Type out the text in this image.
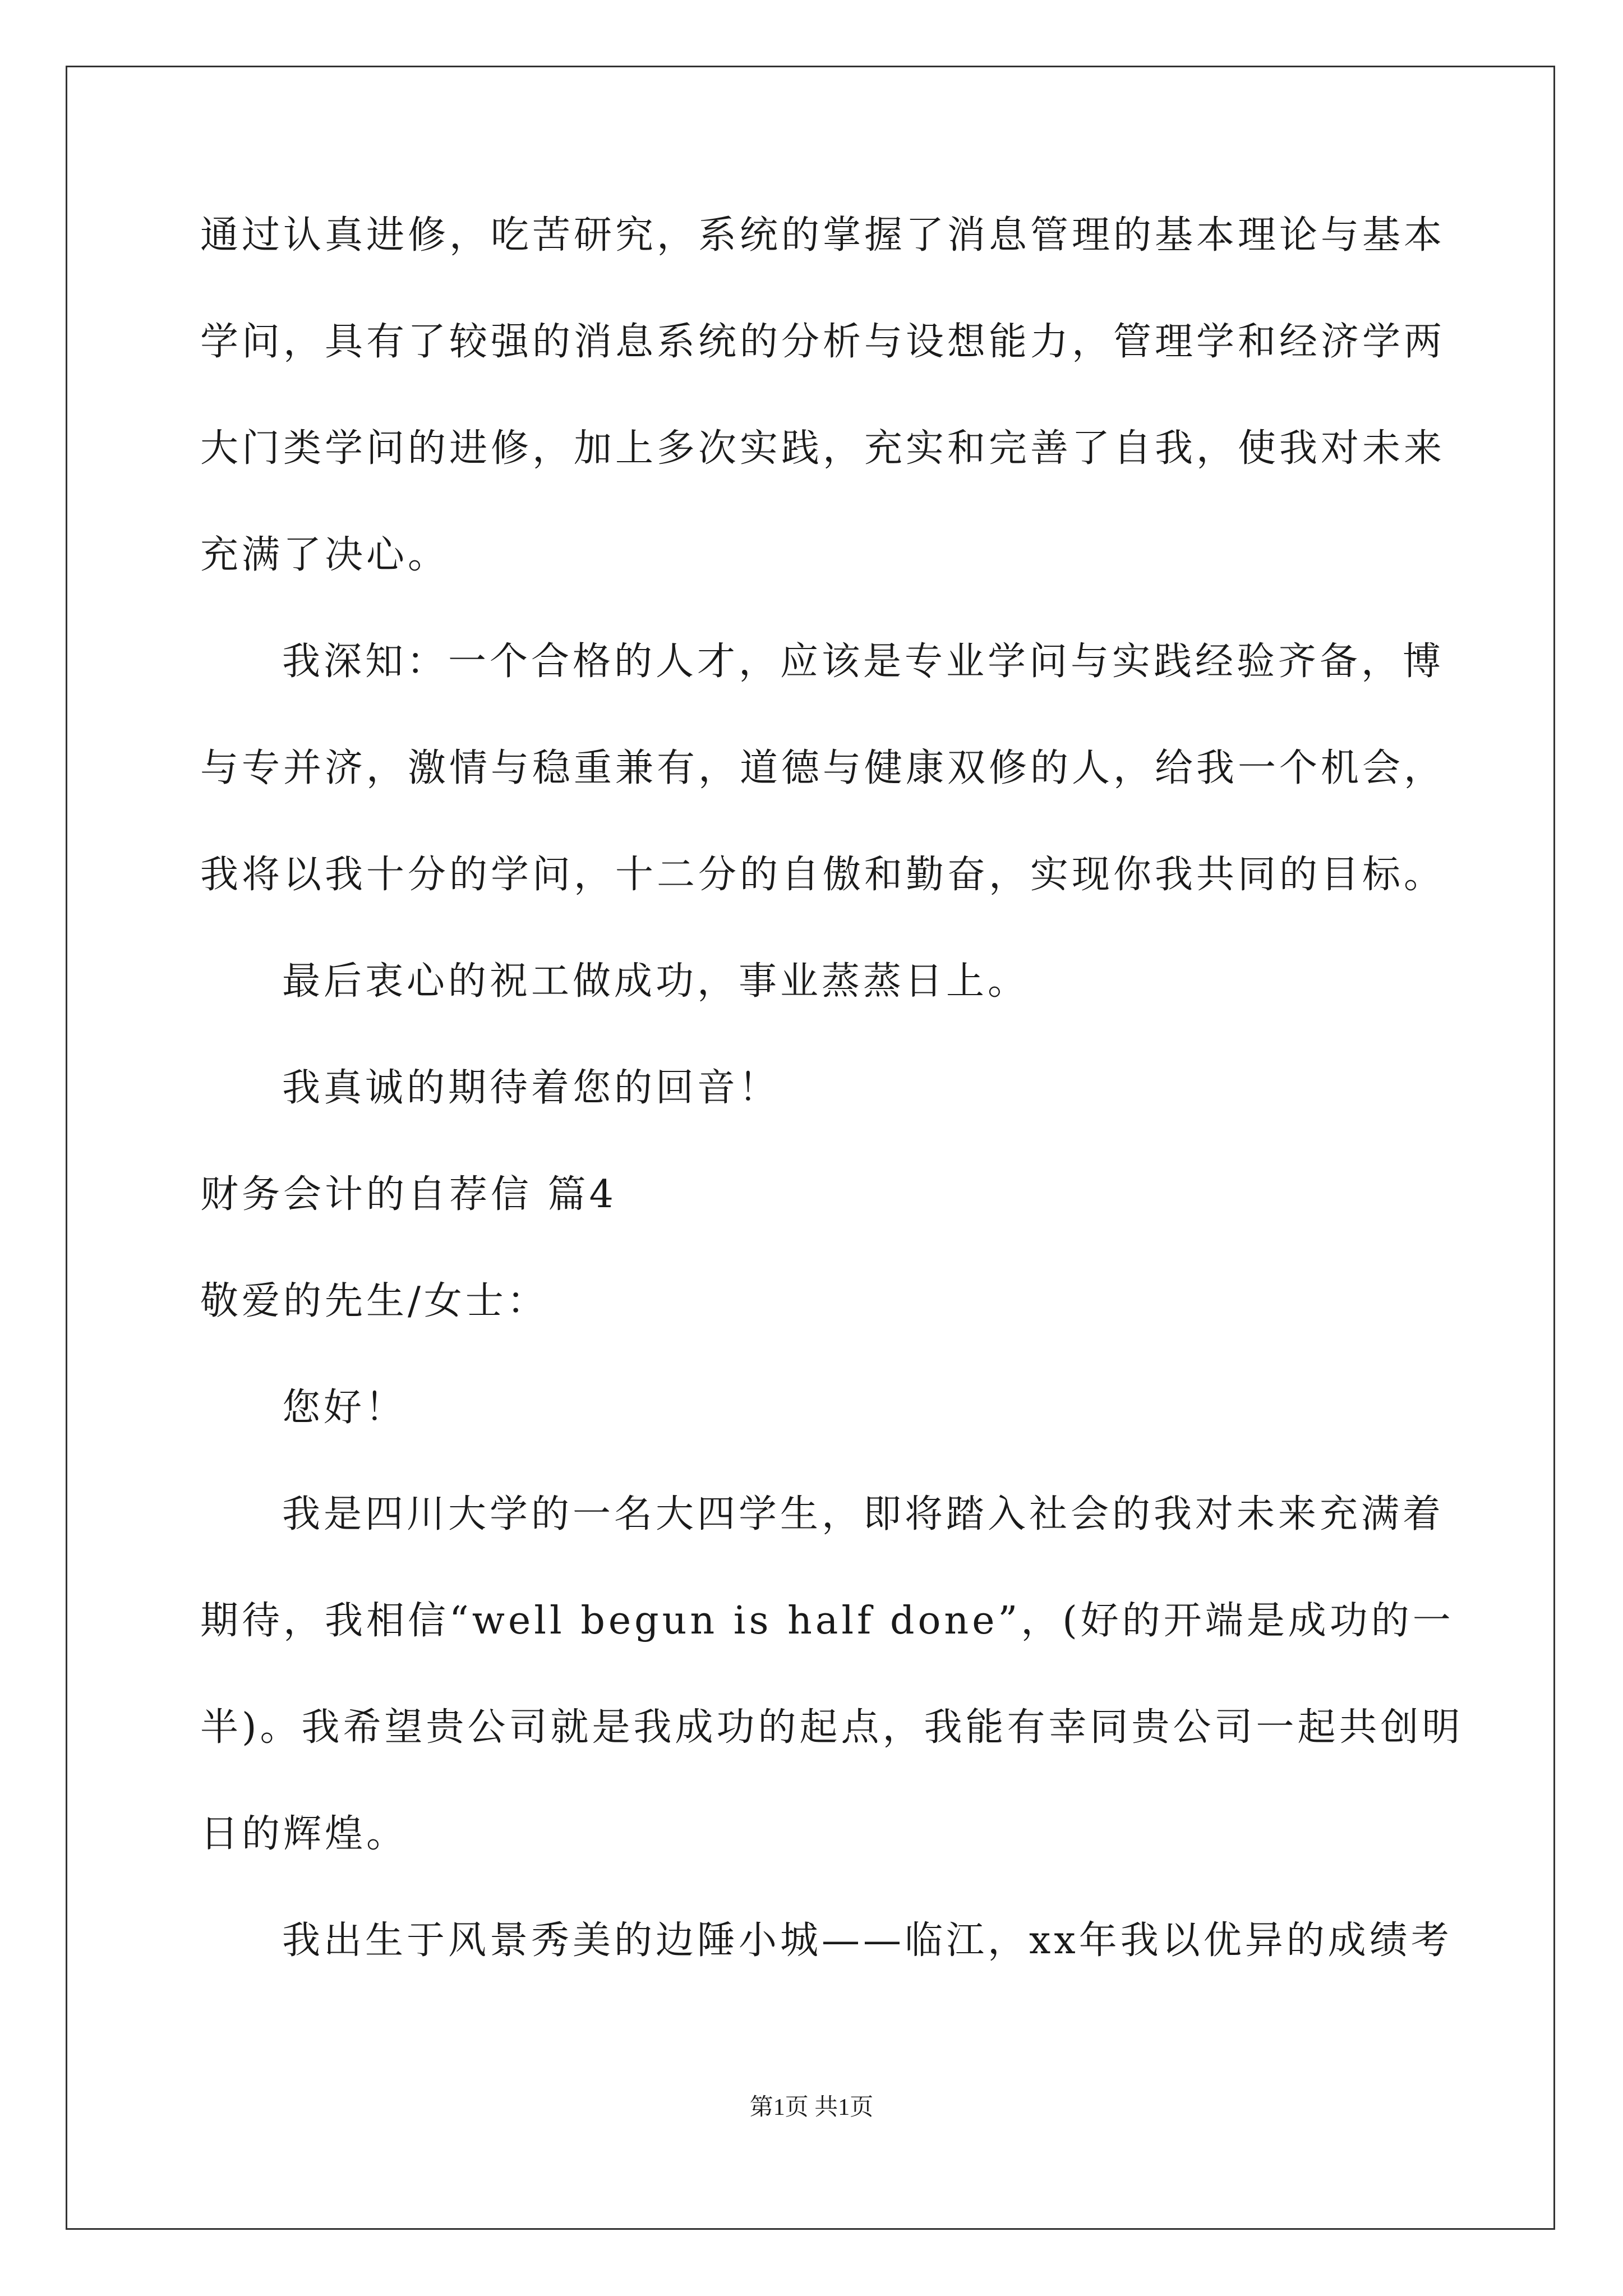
通过认真进修，吃苦研究，系统的掌握了消息管理的基本理论与基本
学问，具有了较强的消息系统的分析与设想能力，管理学和经济学两
大门类学问的进修，加上多次实践，充实和完善了自我，使我对未来
充满了决心。
我深知：一个合格的人才，应该是专业学问与实践经验齐备，博
与专并济，激情与稳重兼有，道德与健康双修的人，给我一个机会，
我将以我十分的学问，十二分的自傲和勤奋，实现你我共同的目标。
最后衷心的祝工做成功，事业蒸蒸日上。
我真诚的期待着您的回音！
财务会计的自荐信 篇4
敬爱的先生/女士：
您好！
我是四川大学的一名大四学生，即将踏入社会的我对未来充满着
期待，我相信“well begun is half done”，(好的开端是成功的一
半)。我希望贵公司就是我成功的起点，我能有幸同贵公司一起共创明
日的辉煌。
我出生于风景秀美的边陲小城——临江，xx年我以优异的成绩考
第1页 共1页
